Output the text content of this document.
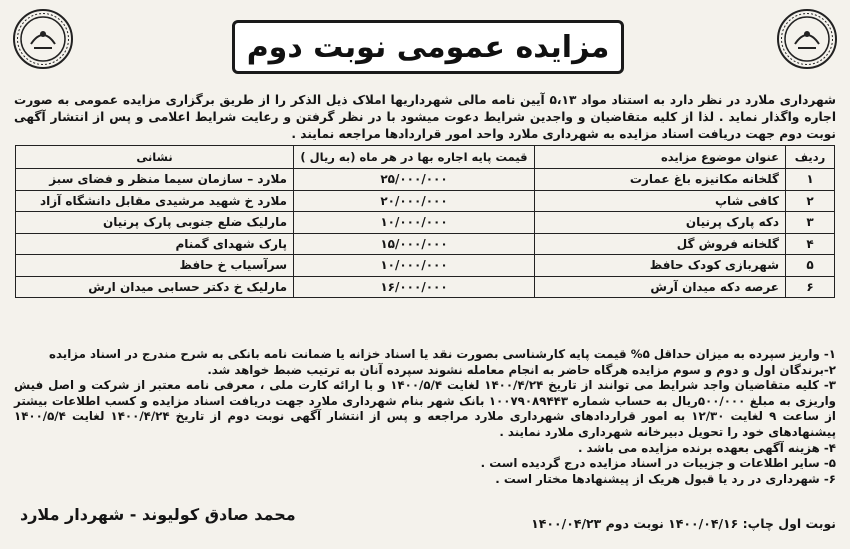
مزایده عمومی نوبت دوم
شهرداری ملارد در نظر دارد به استناد مواد ۵،۱۳ آیین نامه مالی شهرداریها املاک ذیل الذکر را از طریق برگزاری مزایده عمومی به صورت اجاره واگذار نماید . لذا از کلیه متقاضیان و واجدین شرایط دعوت میشود با در نظر گرفتن و رعایت شرایط اعلامی و پس از انتشار آگهی نوبت دوم جهت دریافت اسناد مزایده به شهرداری ملارد واحد امور قراردادها مراجعه نمایند .
ردیف	عنوان موضوع مزایده	قیمت پایه اجاره بها در هر ماه (به ریال )	نشانی
۱	گلخانه مکانیزه باغ عمارت	۲۵/۰۰۰/۰۰۰	ملارد – سازمان سیما منظر و فضای سبز
۲	کافی شاپ	۲۰/۰۰۰/۰۰۰	ملارد خ شهید مرشیدی مقابل دانشگاه آزاد
۳	دکه پارک پرنیان	۱۰/۰۰۰/۰۰۰	مارلیک ضلع جنوبی پارک پرنیان
۴	گلخانه فروش گل	۱۵/۰۰۰/۰۰۰	پارک شهدای گمنام
۵	شهربازی کودک حافظ	۱۰/۰۰۰/۰۰۰	سرآسیاب خ حافظ
۶	عرصه دکه میدان آرش	۱۶/۰۰۰/۰۰۰	مارلیک خ دکتر حسابی میدان ارش

۱- واریز سپرده به میزان حداقل ۵% قیمت پایه کارشناسی بصورت نقد یا اسناد خزانه یا ضمانت نامه بانکی به شرح مندرج در اسناد مزایده

۲-برندگان اول و دوم و سوم مزایده هرگاه حاضر به انجام معامله نشوند سپرده آنان به ترتیب ضبط خواهد شد.

۳- کلیه متقاضیان واجد شرایط می توانند از تاریخ ۱۴۰۰/۴/۲۴ لغایت ۱۴۰۰/۵/۴ و با ارائه کارت ملی ، معرفی نامه معتبر از شرکت و اصل فیش واریزی به مبلغ ۵۰۰/۰۰۰ریال به حساب شماره ۱۰۰۷۹۰۸۹۴۴۳ بانک شهر بنام شهرداری ملارد جهت دریافت اسناد مزایده و کسب اطلاعات بیشتر از ساعت ۹ لغایت ۱۲/۳۰ به امور قراردادهای شهرداری ملارد مراجعه و پس از انتشار آگهی نوبت دوم از تاریخ ۱۴۰۰/۴/۲۴ لغایت ۱۴۰۰/۵/۴ پیشنهادهای خود را تحویل دبیرخانه شهرداری ملارد نمایند .

۴- هزینه آگهی بعهده برنده مزایده می باشد .

۵- سایر اطلاعات و جزییات در اسناد مزایده درج گردیده است .

۶- شهرداری در رد یا قبول هریک از پیشنهادها مختار است .

نوبت اول چاپ: ۱۴۰۰/۰۴/۱۶ نوبت دوم ۱۴۰۰/۰۴/۲۳
محمد صادق کولیوند - شهردار ملارد
